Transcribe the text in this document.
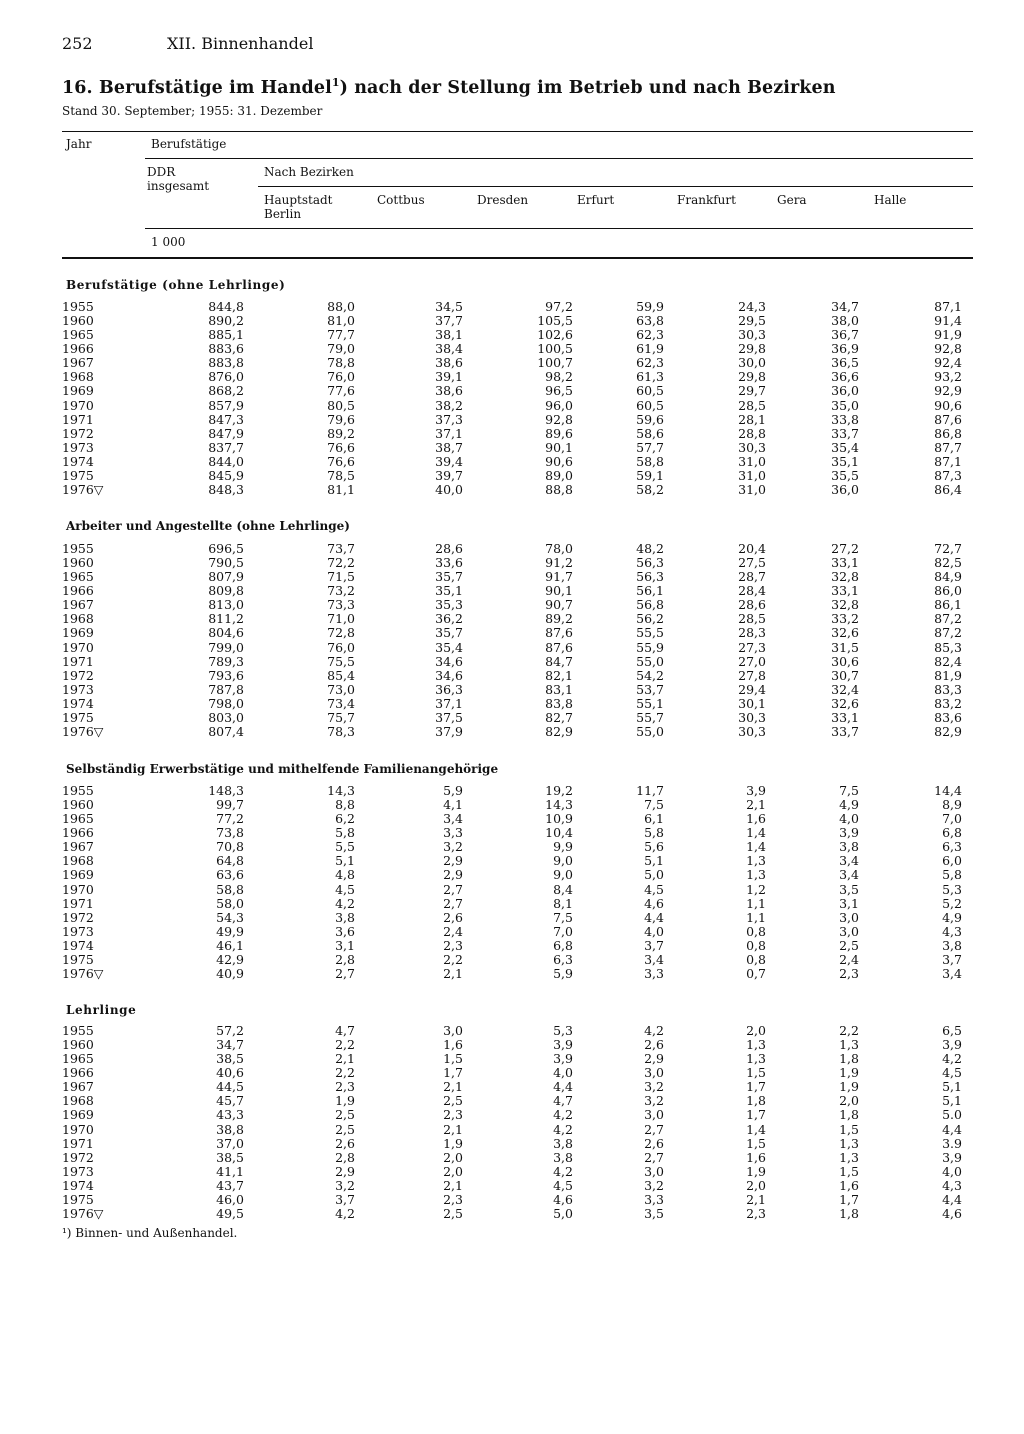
252	XII. Binnenhandel
16. Berufstätige im Handel$^1$) nach der Stellung im Betrieb und nach Bezirken
Stand 30. September; 1955: 31. Dezember
Jahr	Berufstätige
DDR
insgesamt
Nach Bezirken
Hauptstadt
Berlin
Cottbus	Dresden	Erfurt	Frankfurt	Gera	Halle
1 000
Berufstätige (ohne Lehrlinge)
Arbeiter und Angestellte (ohne Lehrlinge)
Selbständig Erwerbstätige und mithelfende Familienangehörige
Lehrlinge
1955	844,8	88,0	34,5	97,2	59,9	24,3	34,7	87,1
1960	890,2	81,0	37,7	105,5	63,8	29,5	38,0	91,4
1965	885,1	77,7	38,1	102,6	62,3	30,3	36,7	91,9
1966	883,6	79,0	38,4	100,5	61,9	29,8	36,9	92,8
1967	883,8	78,8	38,6	100,7	62,3	30,0	36,5	92,4
1968	876,0	76,0	39,1	98,2	61,3	29,8	36,6	93,2
1969	868,2	77,6	38,6	96,5	60,5	29,7	36,0	92,9
1970	857,9	80,5	38,2	96,0	60,5	28,5	35,0	90,6
1971	847,3	79,6	37,3	92,8	59,6	28,1	33,8	87,6
1972	847,9	89,2	37,1	89,6	58,6	28,8	33,7	86,8
1973	837,7	76,6	38,7	90,1	57,7	30,3	35,4	87,7
1974	844,0	76,6	39,4	90,6	58,8	31,0	35,1	87,1
1975	845,9	78,5	39,7	89,0	59,1	31,0	35,5	87,3
1976▽	848,3	81,1	40,0	88,8	58,2	31,0	36,0	86,4
1955	696,5	73,7	28,6	78,0	48,2	20,4	27,2	72,7
1960	790,5	72,2	33,6	91,2	56,3	27,5	33,1	82,5
1965	807,9	71,5	35,7	91,7	56,3	28,7	32,8	84,9
1966	809,8	73,2	35,1	90,1	56,1	28,4	33,1	86,0
1967	813,0	73,3	35,3	90,7	56,8	28,6	32,8	86,1
1968	811,2	71,0	36,2	89,2	56,2	28,5	33,2	87,2
1969	804,6	72,8	35,7	87,6	55,5	28,3	32,6	87,2
1970	799,0	76,0	35,4	87,6	55,9	27,3	31,5	85,3
1971	789,3	75,5	34,6	84,7	55,0	27,0	30,6	82,4
1972	793,6	85,4	34,6	82,1	54,2	27,8	30,7	81,9
1973	787,8	73,0	36,3	83,1	53,7	29,4	32,4	83,3
1974	798,0	73,4	37,1	83,8	55,1	30,1	32,6	83,2
1975	803,0	75,7	37,5	82,7	55,7	30,3	33,1	83,6
1976▽	807,4	78,3	37,9	82,9	55,0	30,3	33,7	82,9
1955	148,3	14,3	5,9	19,2	11,7	3,9	7,5	14,4
1960	99,7	8,8	4,1	14,3	7,5	2,1	4,9	8,9
1965	77,2	6,2	3,4	10,9	6,1	1,6	4,0	7,0
1966	73,8	5,8	3,3	10,4	5,8	1,4	3,9	6,8
1967	70,8	5,5	3,2	9,9	5,6	1,4	3,8	6,3
1968	64,8	5,1	2,9	9,0	5,1	1,3	3,4	6,0
1969	63,6	4,8	2,9	9,0	5,0	1,3	3,4	5,8
1970	58,8	4,5	2,7	8,4	4,5	1,2	3,5	5,3
1971	58,0	4,2	2,7	8,1	4,6	1,1	3,1	5,2
1972	54,3	3,8	2,6	7,5	4,4	1,1	3,0	4,9
1973	49,9	3,6	2,4	7,0	4,0	0,8	3,0	4,3
1974	46,1	3,1	2,3	6,8	3,7	0,8	2,5	3,8
1975	42,9	2,8	2,2	6,3	3,4	0,8	2,4	3,7
1976▽	40,9	2,7	2,1	5,9	3,3	0,7	2,3	3,4
1955	57,2	4,7	3,0	5,3	4,2	2,0	2,2	6,5
1960	34,7	2,2	1,6	3,9	2,6	1,3	1,3	3,9
1965	38,5	2,1	1,5	3,9	2,9	1,3	1,8	4,2
1966	40,6	2,2	1,7	4,0	3,0	1,5	1,9	4,5
1967	44,5	2,3	2,1	4,4	3,2	1,7	1,9	5,1
1968	45,7	1,9	2,5	4,7	3,2	1,8	2,0	5,1
1969	43,3	2,5	2,3	4,2	3,0	1,7	1,8	5.0
1970	38,8	2,5	2,1	4,2	2,7	1,4	1,5	4,4
1971	37,0	2,6	1,9	3,8	2,6	1,5	1,3	3.9
1972	38,5	2,8	2,0	3,8	2,7	1,6	1,3	3,9
1973	41,1	2,9	2,0	4,2	3,0	1,9	1,5	4,0
1974	43,7	3,2	2,1	4,5	3,2	2,0	1,6	4,3
1975	46,0	3,7	2,3	4,6	3,3	2,1	1,7	4,4
1976▽	49,5	4,2	2,5	5,0	3,5	2,3	1,8	4,6
¹) Binnen- und Außenhandel.
